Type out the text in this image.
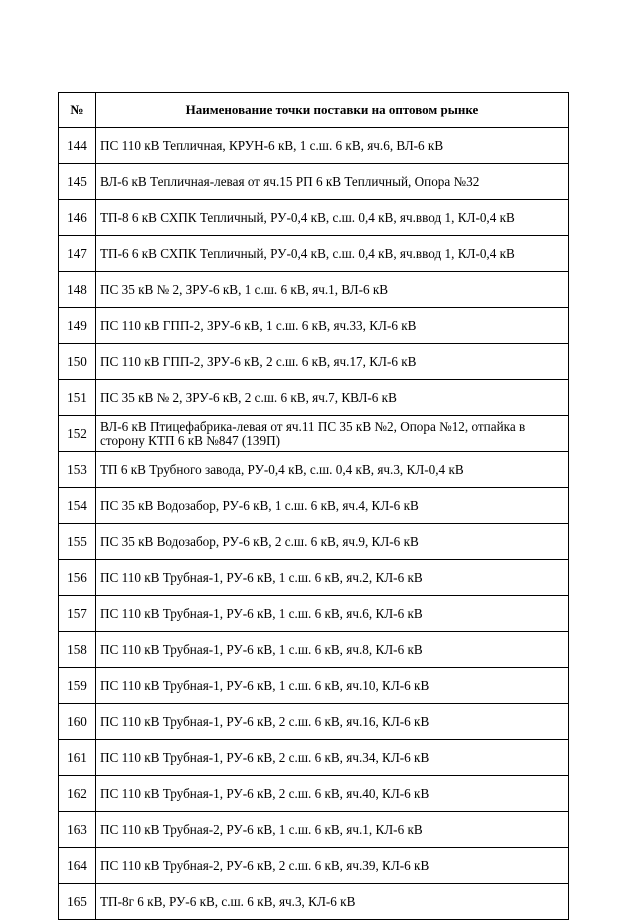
№	Наименование точки поставки на оптовом рынке
144	ПС 110 кВ Тепличная, КРУН-6 кВ, 1 с.ш. 6 кВ, яч.6, ВЛ-6 кВ
145	ВЛ-6 кВ Тепличная-левая от яч.15 РП 6 кВ Тепличный, Опора №32
146	ТП-8 6 кВ СХПК Тепличный, РУ-0,4 кВ, с.ш. 0,4 кВ, яч.ввод 1, КЛ-0,4 кВ
147	ТП-6 6 кВ СХПК Тепличный, РУ-0,4 кВ, с.ш. 0,4 кВ, яч.ввод 1, КЛ-0,4 кВ
148	ПС 35 кВ № 2, ЗРУ-6 кВ, 1 с.ш. 6 кВ, яч.1, ВЛ-6 кВ
149	ПС 110 кВ ГПП-2, ЗРУ-6 кВ, 1 с.ш. 6 кВ, яч.33, КЛ-6 кВ
150	ПС 110 кВ ГПП-2, ЗРУ-6 кВ, 2 с.ш. 6 кВ, яч.17, КЛ-6 кВ
151	ПС 35 кВ № 2, ЗРУ-6 кВ, 2 с.ш. 6 кВ, яч.7, КВЛ-6 кВ
152	ВЛ-6 кВ Птицефабрика-левая от яч.11 ПС 35 кВ №2, Опора №12, отпайка в сторону КТП 6 кВ №847 (139П)
153	ТП 6 кВ Трубного завода, РУ-0,4 кВ, с.ш. 0,4 кВ, яч.3, КЛ-0,4 кВ
154	ПС 35 кВ Водозабор, РУ-6 кВ, 1 с.ш. 6 кВ, яч.4, КЛ-6 кВ
155	ПС 35 кВ Водозабор, РУ-6 кВ, 2 с.ш. 6 кВ, яч.9, КЛ-6 кВ
156	ПС 110 кВ Трубная-1, РУ-6 кВ, 1 с.ш. 6 кВ, яч.2, КЛ-6 кВ
157	ПС 110 кВ Трубная-1, РУ-6 кВ, 1 с.ш. 6 кВ, яч.6, КЛ-6 кВ
158	ПС 110 кВ Трубная-1, РУ-6 кВ, 1 с.ш. 6 кВ, яч.8, КЛ-6 кВ
159	ПС 110 кВ Трубная-1, РУ-6 кВ, 1 с.ш. 6 кВ, яч.10, КЛ-6 кВ
160	ПС 110 кВ Трубная-1, РУ-6 кВ, 2 с.ш. 6 кВ, яч.16, КЛ-6 кВ
161	ПС 110 кВ Трубная-1, РУ-6 кВ, 2 с.ш. 6 кВ, яч.34, КЛ-6 кВ
162	ПС 110 кВ Трубная-1, РУ-6 кВ, 2 с.ш. 6 кВ, яч.40, КЛ-6 кВ
163	ПС 110 кВ Трубная-2, РУ-6 кВ, 1 с.ш. 6 кВ, яч.1, КЛ-6 кВ
164	ПС 110 кВ Трубная-2, РУ-6 кВ, 2 с.ш. 6 кВ, яч.39, КЛ-6 кВ
165	ТП-8г 6 кВ, РУ-6 кВ, с.ш. 6 кВ, яч.3, КЛ-6 кВ
